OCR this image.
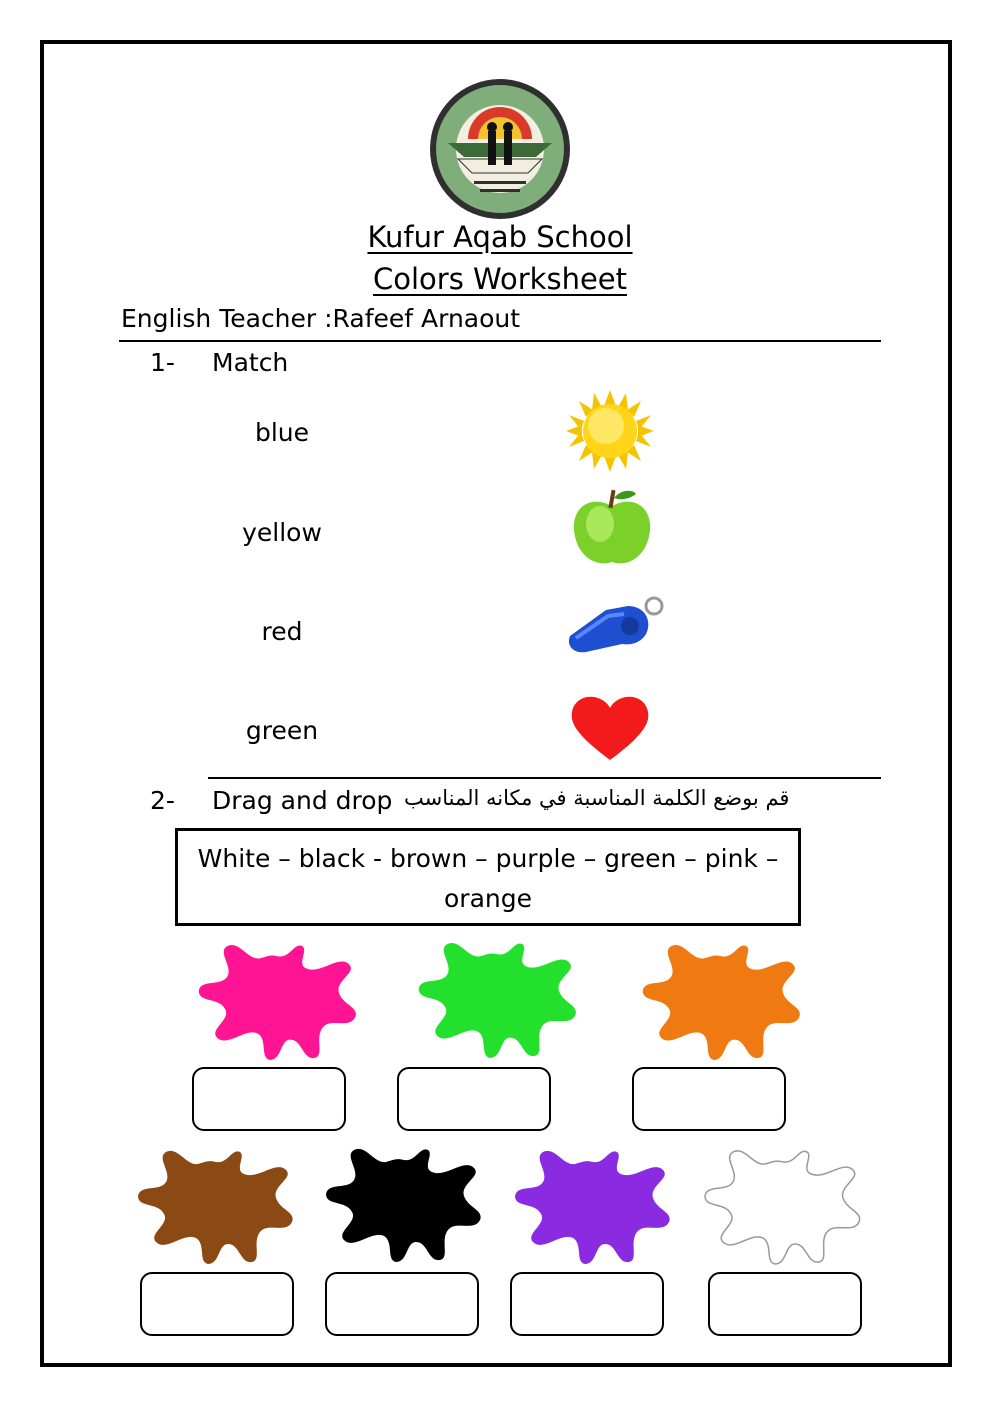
Kufur Aqab School
Colors Worksheet
English Teacher :Rafeef Arnaout
1- Match
blue
yellow
red
green
2- Drag and drop قم بوضع الكلمة المناسبة في مكانه المناسب
White – black - brown – purple – green – pink – orange
